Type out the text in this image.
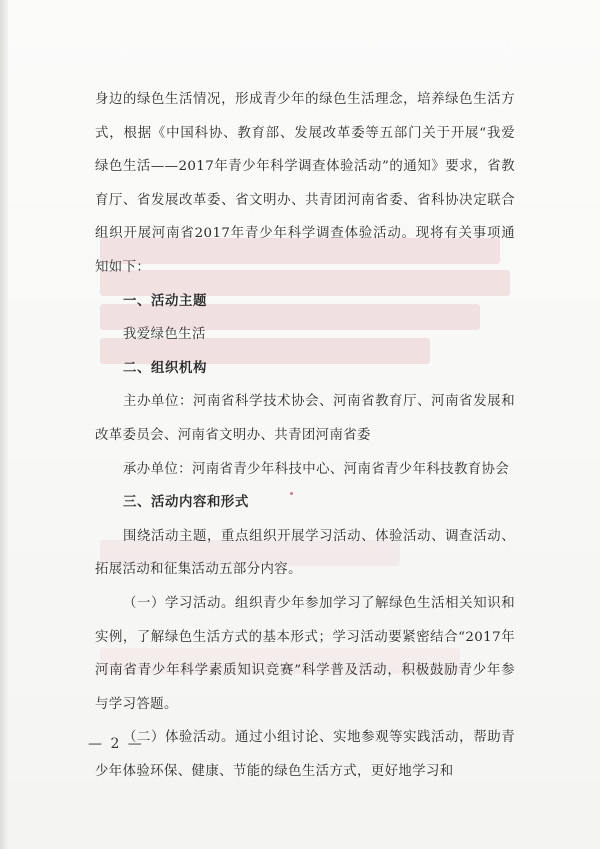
身边的绿色生活情况，形成青少年的绿色生活理念，培养绿色生活方式，根据《中国科协、教育部、发展改革委等五部门关于开展“我爱绿色生活——2017年青少年科学调查体验活动”的通知》要求，省教育厅、省发展改革委、省文明办、共青团河南省委、省科协决定联合组织开展河南省2017年青少年科学调查体验活动。现将有关事项通知如下：

一、活动主题

我爱绿色生活

二、组织机构

主办单位：河南省科学技术协会、河南省教育厅、河南省发展和改革委员会、河南省文明办、共青团河南省委

承办单位：河南省青少年科技中心、河南省青少年科技教育协会

三、活动内容和形式

围绕活动主题，重点组织开展学习活动、体验活动、调查活动、拓展活动和征集活动五部分内容。

（一）学习活动。组织青少年参加学习了解绿色生活相关知识和实例，了解绿色生活方式的基本形式；学习活动要紧密结合“2017年河南省青少年科学素质知识竞赛”科学普及活动，积极鼓励青少年参与学习答题。

（二）体验活动。通过小组讨论、实地参观等实践活动，帮助青少年体验环保、健康、节能的绿色生活方式，更好地学习和

— 2 —
